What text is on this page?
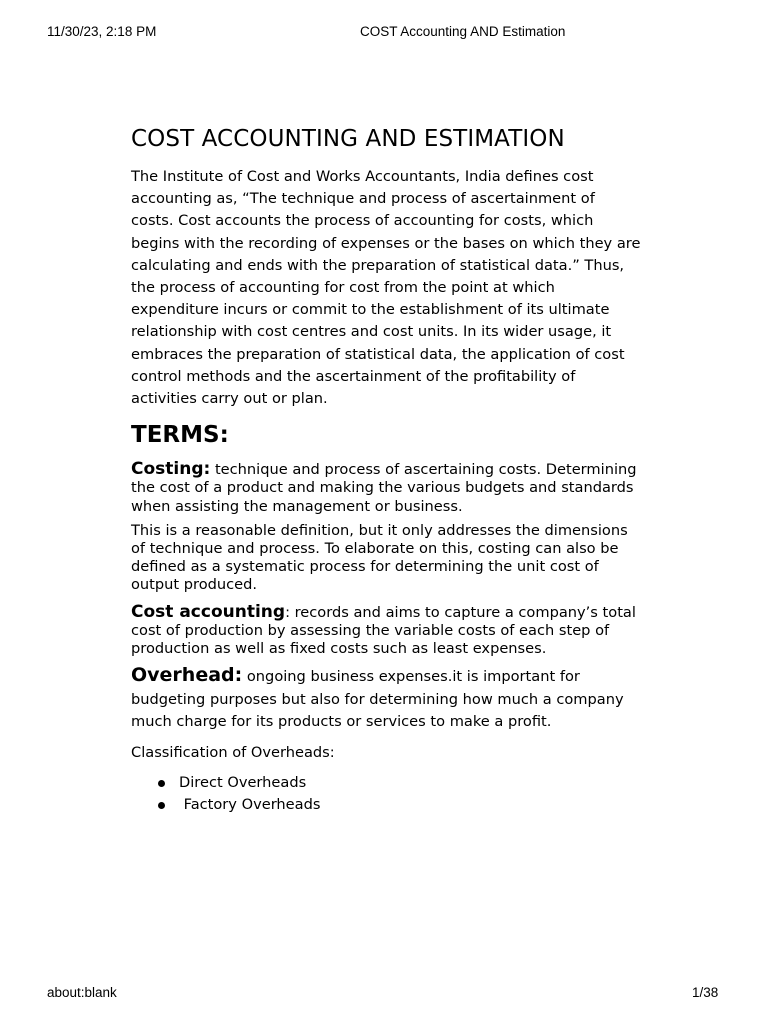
11/30/23, 2:18 PM	COST Accounting AND Estimation
COST ACCOUNTING AND ESTIMATION

The Institute of Cost and Works Accountants, India defines cost accounting as, “The technique and process of ascertainment of costs. Cost accounts the process of accounting for costs, which begins with the recording of expenses or the bases on which they are calculating and ends with the preparation of statistical data.” Thus, the process of accounting for cost from the point at which expenditure incurs or commit to the establishment of its ultimate relationship with cost centres and cost units. In its wider usage, it embraces the preparation of statistical data, the application of cost control methods and the ascertainment of the profitability of activities carry out or plan.

TERMS:

Costing: technique and process of ascertaining costs. Determining the cost of a product and making the various budgets and standards when assisting the management or business.

This is a reasonable definition, but it only addresses the dimensions of technique and process. To elaborate on this, costing can also be defined as a systematic process for determining the unit cost of output produced.

Cost accounting: records and aims to capture a company’s total cost of production by assessing the variable costs of each step of production as well as fixed costs such as least expenses.

Overhead: ongoing business expenses.it is important for budgeting purposes but also for determining how much a company much charge for its products or services to make a profit.

Classification of Overheads:

Direct Overheads
Factory Overheads
about:blank	1/38
